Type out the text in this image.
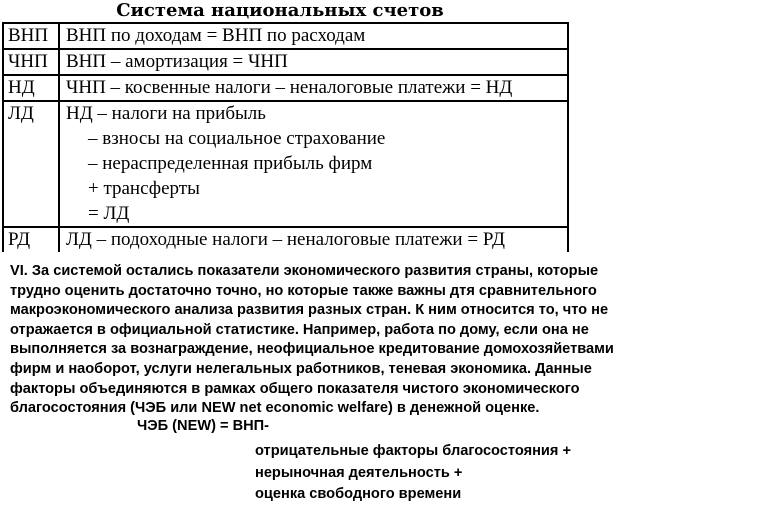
Система национальных счетов
ВНП ВНП по доходам = ВНП по расходам
ЧНП ВНП – амортизация = ЧНП
НД	ЧНП – косвенные налоги – неналоговые платежи = НД
ЛД	НД – налоги на прибыль
– взносы на социальное страхование
– нераспределенная прибыль фирм
+ трансферты
= ЛД
РД	ЛД – подоходные налоги – неналоговые платежи = РД
VI. За системой остались показатели экономического развития страны, которые
трудно оценить достаточно точно, но которые также важны дтя сравнительного
макроэкономического анализа развития разных стран. К ним относится то, что не
отражается в официальной статистике. Например, работа по дому, если она не
выполняется за вознаграждение, неофициальное кредитование домохозяйетвами
фирм и наоборот, услуги нелегальных работников, теневая экономика. Данные
факторы объединяются в рамках общего показателя чистого экономического
благосостояния (ЧЭБ или NEW net economic welfare) в денежной оценке.
ЧЭБ (NEW) = ВНП-
отрицательные факторы благосостояния +
нерыночная деятельность +
оценка свободного времени
